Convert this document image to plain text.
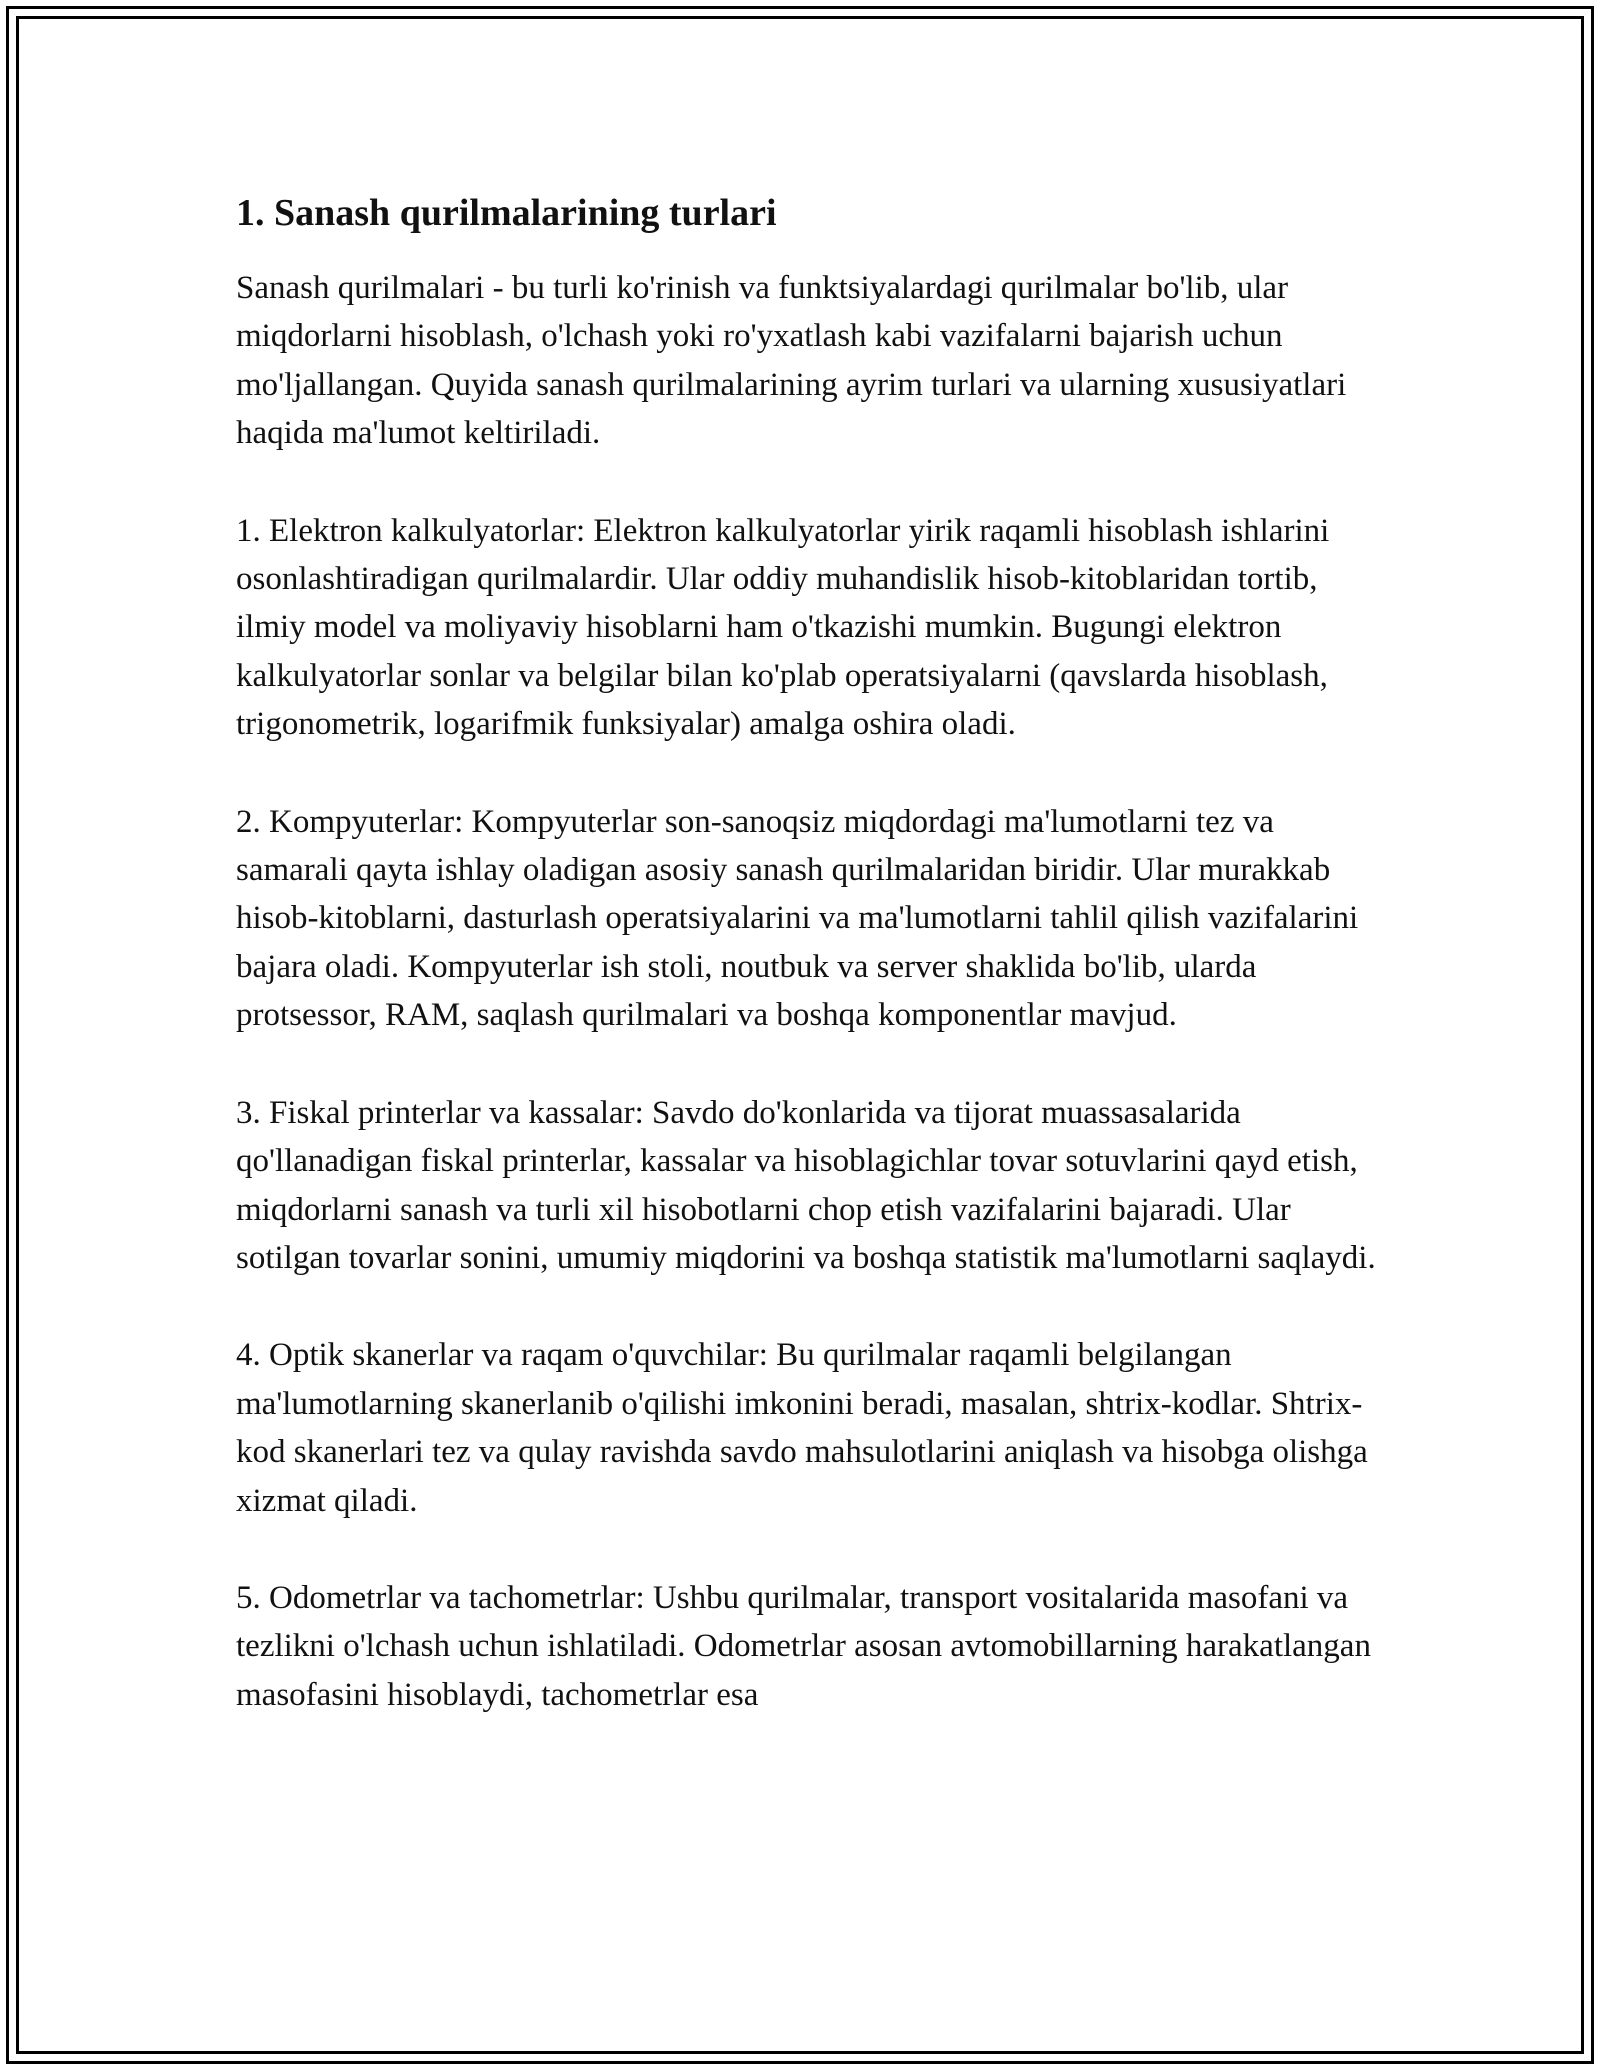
1. Sanash qurilmalarining turlari

Sanash qurilmalari - bu turli ko'rinish va funktsiyalardagi qurilmalar bo'lib, ular miqdorlarni hisoblash, o'lchash yoki ro'yxatlash kabi vazifalarni bajarish uchun mo'ljallangan. Quyida sanash qurilmalarining ayrim turlari va ularning xususiyatlari haqida ma'lumot keltiriladi.

1. Elektron kalkulyatorlar: Elektron kalkulyatorlar yirik raqamli hisoblash ishlarini osonlashtiradigan qurilmalardir. Ular oddiy muhandislik hisob-kitoblaridan tortib, ilmiy model va moliyaviy hisoblarni ham o'tkazishi mumkin. Bugungi elektron kalkulyatorlar sonlar va belgilar bilan ko'plab operatsiyalarni (qavslarda hisoblash, trigonometrik, logarifmik funksiyalar) amalga oshira oladi.

2. Kompyuterlar: Kompyuterlar son-sanoqsiz miqdordagi ma'lumotlarni tez va samarali qayta ishlay oladigan asosiy sanash qurilmalaridan biridir. Ular murakkab hisob-kitoblarni, dasturlash operatsiyalarini va ma'lumotlarni tahlil qilish vazifalarini bajara oladi. Kompyuterlar ish stoli, noutbuk va server shaklida bo'lib, ularda protsessor, RAM, saqlash qurilmalari va boshqa komponentlar mavjud.

3. Fiskal printerlar va kassalar: Savdo do'konlarida va tijorat muassasalarida qo'llanadigan fiskal printerlar, kassalar va hisoblagichlar tovar sotuvlarini qayd etish, miqdorlarni sanash va turli xil hisobotlarni chop etish vazifalarini bajaradi. Ular sotilgan tovarlar sonini, umumiy miqdorini va boshqa statistik ma'lumotlarni saqlaydi.

4. Optik skanerlar va raqam o'quvchilar: Bu qurilmalar raqamli belgilangan ma'lumotlarning skanerlanib o'qilishi imkonini beradi, masalan, shtrix-kodlar. Shtrix-kod skanerlari tez va qulay ravishda savdo mahsulotlarini aniqlash va hisobga olishga xizmat qiladi.

5. Odometrlar va tachometrlar: Ushbu qurilmalar, transport vositalarida masofani va tezlikni o'lchash uchun ishlatiladi. Odometrlar asosan avtomobillarning harakatlangan masofasini hisoblaydi, tachometrlar esa
